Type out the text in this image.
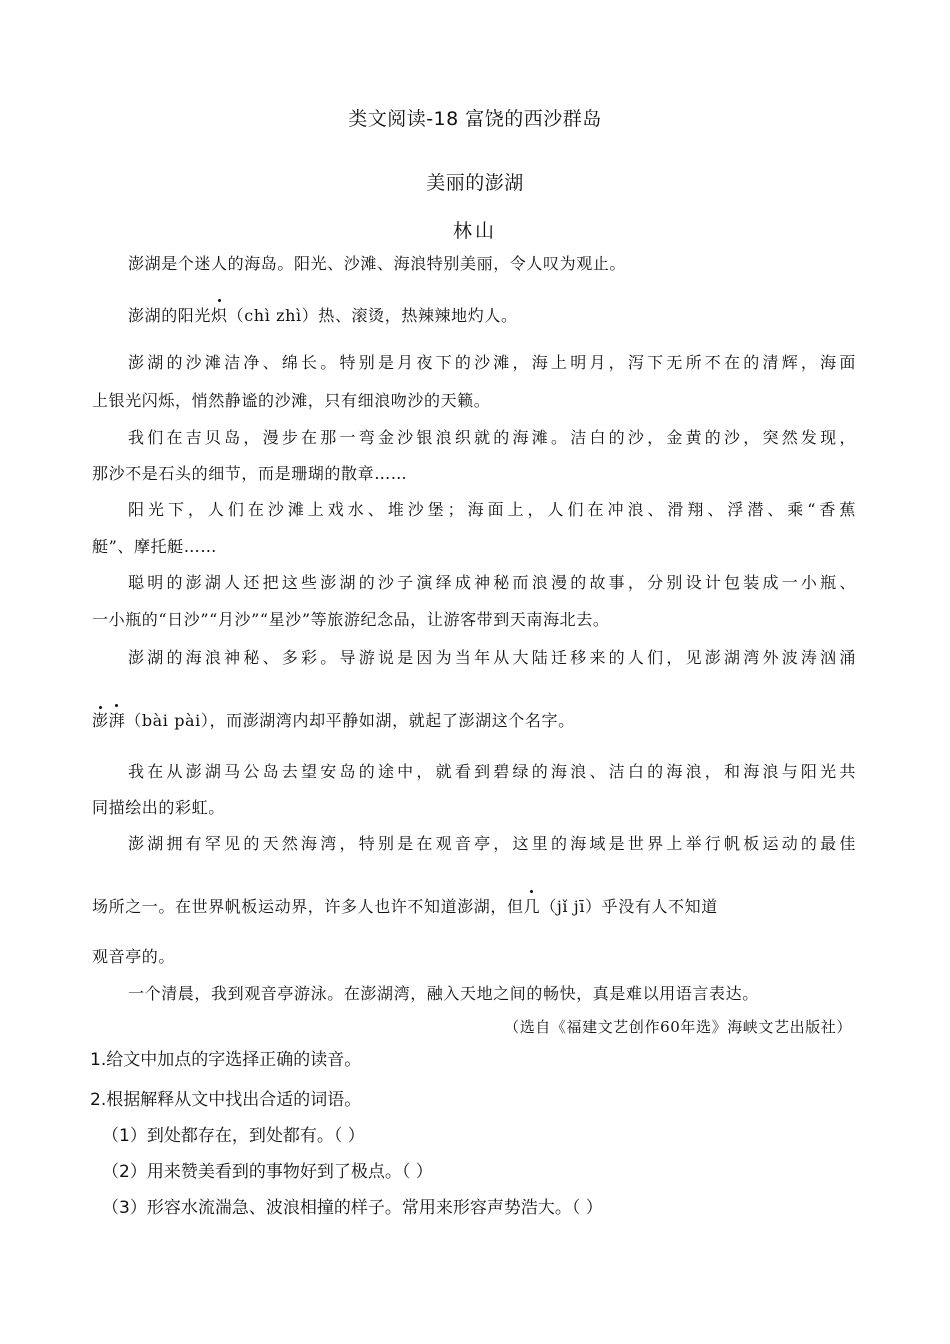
类文阅读-18 富饶的西沙群岛
美丽的澎湖
林山
澎湖是个迷人的海岛。阳光、沙滩、海浪特别美丽，令人叹为观止。
澎湖的阳光炽（chì zhì）热、滚烫，热辣辣地灼人。
澎湖的沙滩洁净、绵长。特别是月夜下的沙滩，海上明月，泻下无所不在的清辉，海面
上银光闪烁，悄然静谧的沙滩，只有细浪吻沙的天籁。
我们在吉贝岛，漫步在那一弯金沙银浪织就的海滩。洁白的沙，金黄的沙，突然发现，
那沙不是石头的细节，而是珊瑚的散章……
阳光下，人们在沙滩上戏水、堆沙堡；海面上，人们在冲浪、滑翔、浮潜、乘“香蕉
艇”、摩托艇……
聪明的澎湖人还把这些澎湖的沙子演绎成神秘而浪漫的故事，分别设计包装成一小瓶、
一小瓶的“日沙”“月沙”“星沙”等旅游纪念品，让游客带到天南海北去。
澎湖的海浪神秘、多彩。导游说是因为当年从大陆迁移来的人们，见澎湖湾外波涛汹涌
澎湃（bài pài），而澎湖湾内却平静如湖，就起了澎湖这个名字。
我在从澎湖马公岛去望安岛的途中，就看到碧绿的海浪、洁白的海浪，和海浪与阳光共
同描绘出的彩虹。
澎湖拥有罕见的天然海湾，特别是在观音亭，这里的海域是世界上举行帆板运动的最佳
场所之一。在世界帆板运动界，许多人也许不知道澎湖，但几（jǐ jī）乎没有人不知道
观音亭的。
一个清晨，我到观音亭游泳。在澎湖湾，融入天地之间的畅快，真是难以用语言表达。
（选自《福建文艺创作60年选》海峡文艺出版社）
1.给文中加点的字选择正确的读音。
2.根据解释从文中找出合适的词语。
（1）到处都存在，到处都有。（ ）
（2）用来赞美看到的事物好到了极点。（ ）
（3）形容水流湍急、波浪相撞的样子。常用来形容声势浩大。（ ）
